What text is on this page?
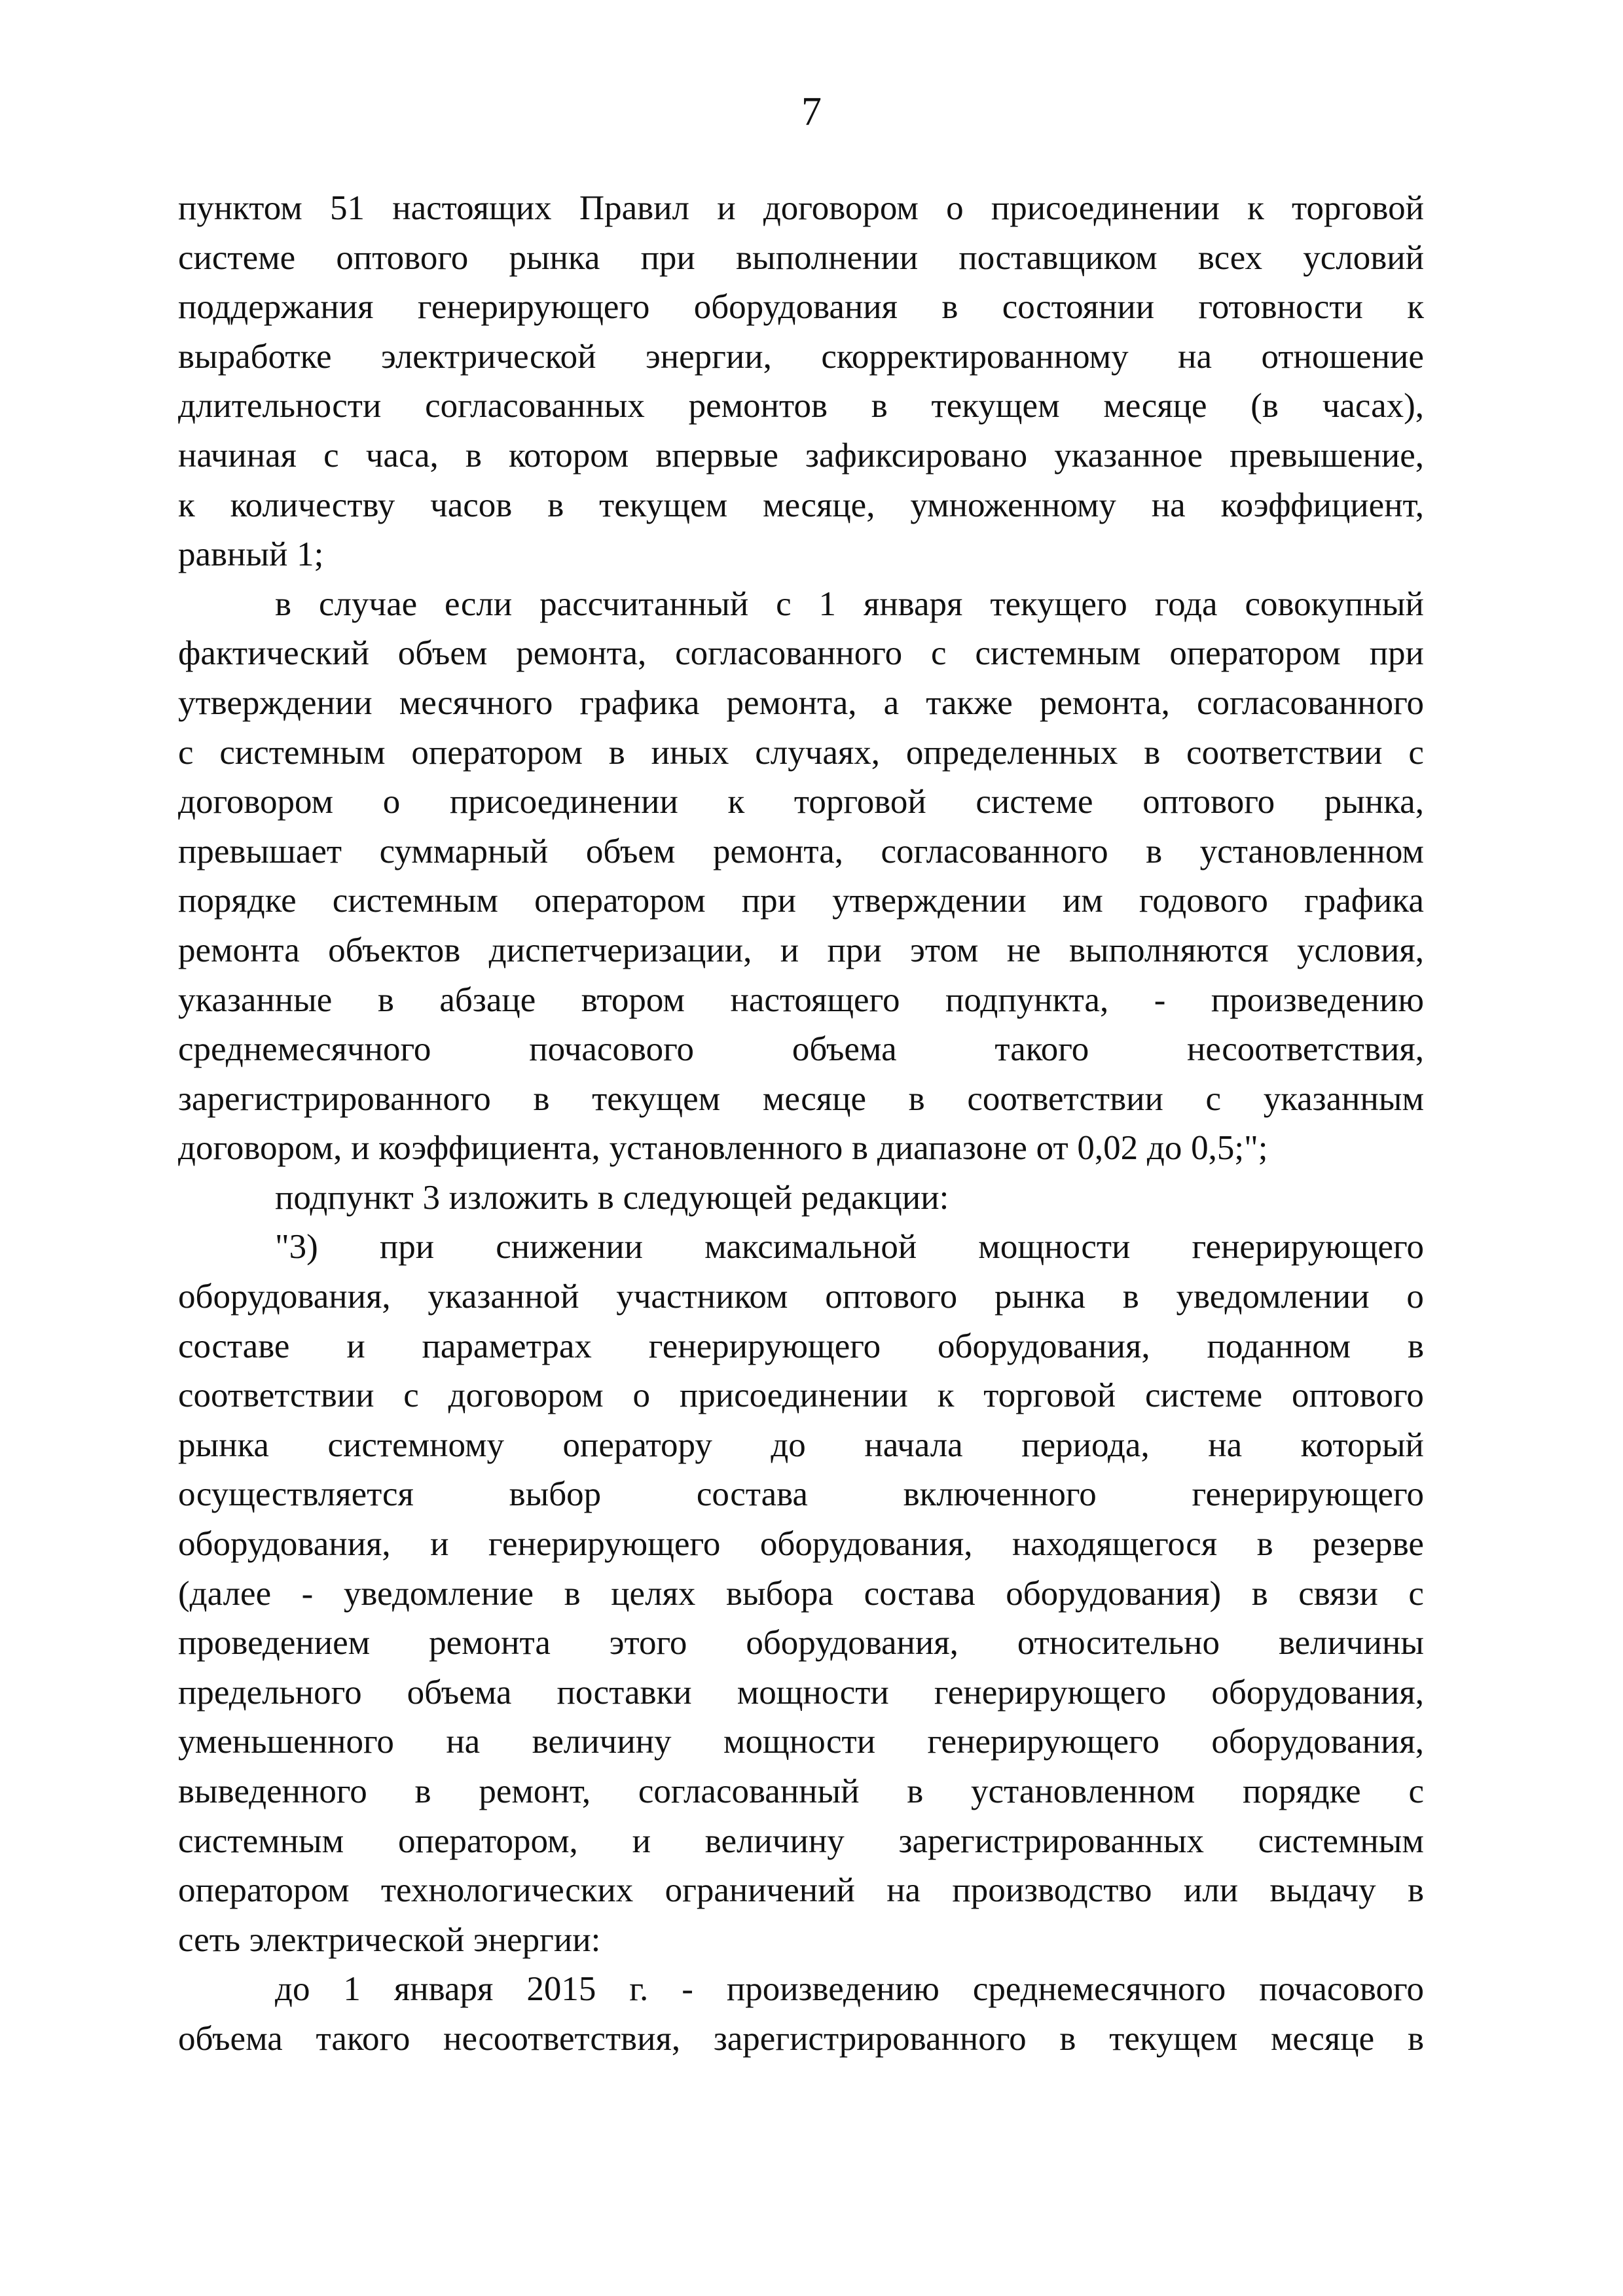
7
пунктом 51 настоящих Правил и договором о присоединении к торговой
системе оптового рынка при выполнении поставщиком всех условий
поддержания генерирующего оборудования в состоянии готовности к
выработке электрической энергии, скорректированному на отношение
длительности согласованных ремонтов в текущем месяце (в часах),
начиная с часа, в котором впервые зафиксировано указанное превышение,
к количеству часов в текущем месяце, умноженному на коэффициент,
равный 1;
в случае если рассчитанный с 1 января текущего года совокупный
фактический объем ремонта, согласованного с системным оператором при
утверждении месячного графика ремонта, а также ремонта, согласованного
с системным оператором в иных случаях, определенных в соответствии с
договором о присоединении к торговой системе оптового рынка,
превышает суммарный объем ремонта, согласованного в установленном
порядке системным оператором при утверждении им годового графика
ремонта объектов диспетчеризации, и при этом не выполняются условия,
указанные в абзаце втором настоящего подпункта, - произведению
среднемесячного	почасового	объема	такого	несоответствия,
зарегистрированного в текущем месяце в соответствии с указанным
договором, и коэффициента, установленного в диапазоне от 0,02 до 0,5;";
подпункт 3 изложить в следующей редакции:
"3) при снижении максимальной мощности генерирующего
оборудования, указанной участником оптового рынка в уведомлении о
составе и параметрах генерирующего оборудования, поданном в
соответствии с договором о присоединении к торговой системе оптового
рынка системному оператору до начала периода, на который
осуществляется	выбор	состава	включенного	генерирующего
оборудования, и генерирующего оборудования, находящегося в резерве
(далее - уведомление в целях выбора состава оборудования) в связи с
проведением ремонта этого оборудования, относительно величины
предельного объема поставки мощности генерирующего оборудования,
уменьшенного на величину мощности генерирующего оборудования,
выведенного в ремонт, согласованный в установленном порядке с
системным оператором, и величину зарегистрированных системным
оператором технологических ограничений на производство или выдачу в
сеть электрической энергии:
до 1 января 2015 г. - произведению среднемесячного почасового
объема такого несоответствия, зарегистрированного в текущем месяце в
